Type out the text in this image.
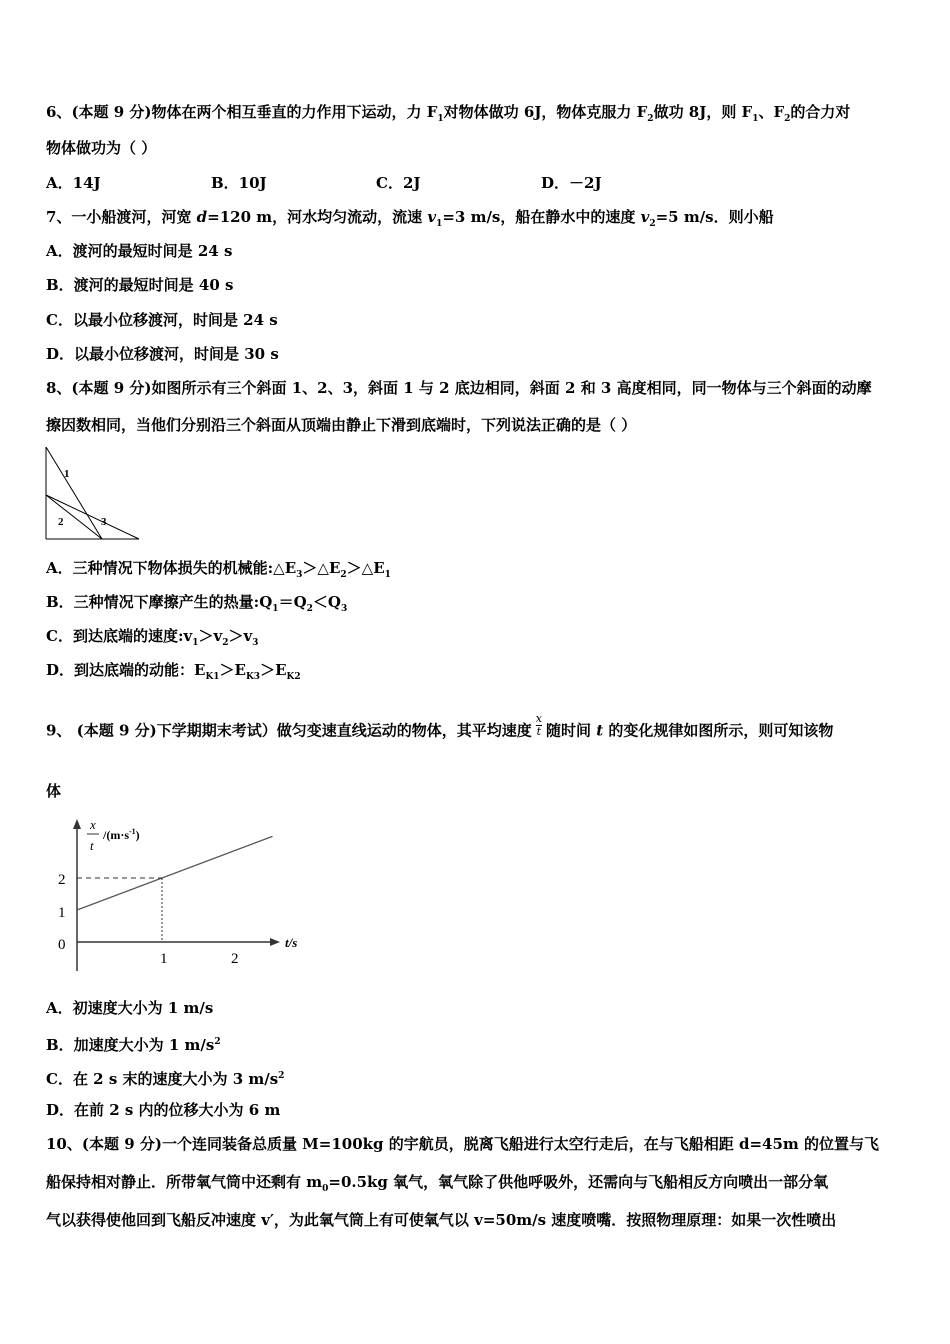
6、(本题 9 分)物体在两个相互垂直的力作用下运动，力 $F_1$对物体做功 6J，物体克服力 $F_2$做功 8J，则 $F_1$、$F_2$的合力对
物体做功为（ ）
A．14J	B．10J	C．2J	D．－2J
7、一小船渡河，河宽 d=120 m，河水均匀流动，流速 $v_1=3$ m/s，船在静水中的速度 $v_2=5$ m/s．则小船
A．渡河的最短时间是 24 s
B．渡河的最短时间是 40 s
C．以最小位移渡河，时间是 24 s
D．以最小位移渡河，时间是 30 s
8、(本题 9 分)如图所示有三个斜面 1、2、3，斜面 1 与 2 底边相同，斜面 2 和 3 高度相同，同一物体与三个斜面的动摩
擦因数相同，当他们分别沿三个斜面从顶端由静止下滑到底端时，下列说法正确的是（ ）
1
2	3
A．三种情况下物体损失的机械能$:\triangle E_3>\triangle E_2>\triangle E_1$
B．三种情况下摩擦产生的热量$:Q_1=Q_2<Q_3$
C．到达底端的速度$:v_1>v_2>v_3$
D．到达底端的动能：$E_{K1}>E_{K3}>E_{K2}$
9、 (本题 9 分)下学期期末考试）做匀变速直线运动的物体，其平均速度 $\frac{x}{t}$ 随时间 t 的变化规律如图所示，则可知该物
体
x
t
$/(m\cdot s^{-1})$
t/s
2
1
0
1	2
A．初速度大小为 1 m/s
B．加速度大小为 1 $m/s^2$
C．在 2 s 末的速度大小为 3 $m/s^2$
D．在前 2 s 内的位移大小为 6 m
10、(本题 9 分)一个连同装备总质量 M=100kg 的宇航员，脱离飞船进行太空行走后，在与飞船相距 d=45m 的位置与飞
船保持相对静止．所带氧气筒中还剩有 $m_0=0.5kg$ 氧气，氧气除了供他呼吸外，还需向与飞船相反方向喷出一部分氧
气以获得使他回到飞船反冲速度 v′，为此氧气筒上有可使氧气以 v=50m/s 速度喷嘴．按照物理原理：如果一次性喷出
